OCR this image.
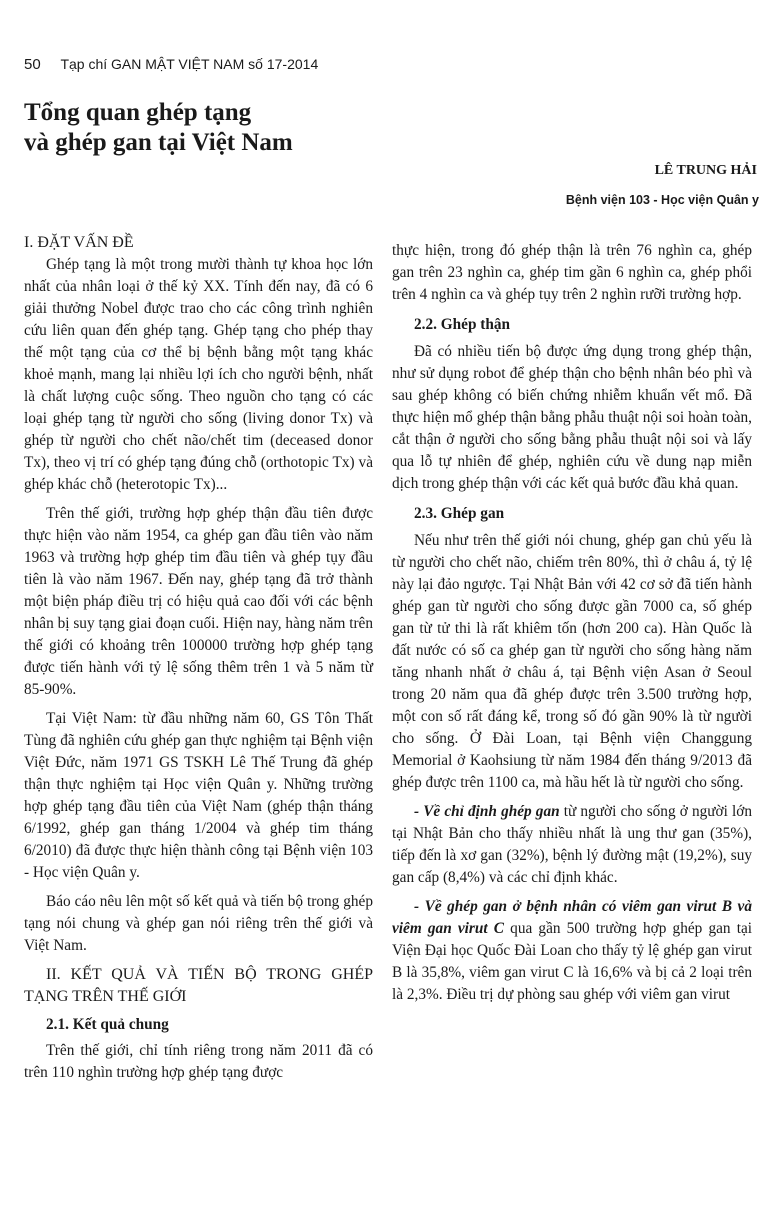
50 Tạp chí GAN MẬT VIỆT NAM số 17-2014
Tổng quan ghép tạng
và ghép gan tại Việt Nam
LÊ TRUNG HẢI
Bệnh viện 103 - Học viện Quân y

I. ĐẶT VẤN ĐỀ

Ghép tạng là một trong mười thành tự khoa học lớn nhất của nhân loại ở thế kỷ XX. Tính đến nay, đã có 6 giải thưởng Nobel được trao cho các công trình nghiên cứu liên quan đến ghép tạng. Ghép tạng cho phép thay thế một tạng của cơ thể bị bệnh bằng một tạng khác khoẻ mạnh, mang lại nhiều lợi ích cho người bệnh, nhất là chất lượng cuộc sống. Theo nguồn cho tạng có các loại ghép tạng từ người cho sống (living donor Tx) và ghép từ người cho chết não/chết tim (deceased donor Tx), theo vị trí có ghép tạng đúng chỗ (orthotopic Tx) và ghép khác chỗ (heterotopic Tx)...

Trên thế giới, trường hợp ghép thận đầu tiên được thực hiện vào năm 1954, ca ghép gan đầu tiên vào năm 1963 và trường hợp ghép tim đầu tiên và ghép tụy đầu tiên là vào năm 1967. Đến nay, ghép tạng đã trở thành một biện pháp điều trị có hiệu quả cao đối với các bệnh nhân bị suy tạng giai đoạn cuối. Hiện nay, hàng năm trên thế giới có khoảng trên 100000 trường hợp ghép tạng được tiến hành với tỷ lệ sống thêm trên 1 và 5 năm từ 85-90%.

Tại Việt Nam: từ đầu những năm 60, GS Tôn Thất Tùng đã nghiên cứu ghép gan thực nghiệm tại Bệnh viện Việt Đức, năm 1971 GS TSKH Lê Thế Trung đã ghép thận thực nghiệm tại Học viện Quân y. Những trường hợp ghép tạng đầu tiên của Việt Nam (ghép thận tháng 6/1992, ghép gan tháng 1/2004 và ghép tim tháng 6/2010) đã được thực hiện thành công tại Bệnh viện 103 - Học viện Quân y.

Báo cáo nêu lên một số kết quả và tiến bộ trong ghép tạng nói chung và ghép gan nói riêng trên thế giới và Việt Nam.

II. KẾT QUẢ VÀ TIẾN BỘ TRONG GHÉP TẠNG TRÊN THẾ GIỚI

2.1. Kết quả chung

Trên thế giới, chỉ tính riêng trong năm 2011 đã có trên 110 nghìn trường hợp ghép tạng được

thực hiện, trong đó ghép thận là trên 76 nghìn ca, ghép gan trên 23 nghìn ca, ghép tim gần 6 nghìn ca, ghép phổi trên 4 nghìn ca và ghép tụy trên 2 nghìn rưỡi trường hợp.

2.2. Ghép thận

Đã có nhiều tiến bộ được ứng dụng trong ghép thận, như sử dụng robot để ghép thận cho bệnh nhân béo phì và sau ghép không có biến chứng nhiễm khuẩn vết mổ. Đã thực hiện mổ ghép thận bằng phẫu thuật nội soi hoàn toàn, cắt thận ở người cho sống bằng phẫu thuật nội soi và lấy qua lỗ tự nhiên để ghép, nghiên cứu về dung nạp miễn dịch trong ghép thận với các kết quả bước đầu khả quan.

2.3. Ghép gan

Nếu như trên thế giới nói chung, ghép gan chủ yếu là từ người cho chết não, chiếm trên 80%, thì ở châu á, tỷ lệ này lại đảo ngược. Tại Nhật Bản với 42 cơ sở đã tiến hành ghép gan từ người cho sống được gần 7000 ca, số ghép gan từ tử thi là rất khiêm tốn (hơn 200 ca). Hàn Quốc là đất nước có số ca ghép gan từ người cho sống hàng năm tăng nhanh nhất ở châu á, tại Bệnh viện Asan ở Seoul trong 20 năm qua đã ghép được trên 3.500 trường hợp, một con số rất đáng kể, trong số đó gần 90% là từ người cho sống. Ở Đài Loan, tại Bệnh viện Changgung Memorial ở Kaohsiung từ năm 1984 đến tháng 9/2013 đã ghép được trên 1100 ca, mà hầu hết là từ người cho sống.

- Về chỉ định ghép gan từ người cho sống ở người lớn tại Nhật Bản cho thấy nhiều nhất là ung thư gan (35%), tiếp đến là xơ gan (32%), bệnh lý đường mật (19,2%), suy gan cấp (8,4%) và các chỉ định khác.

- Về ghép gan ở bệnh nhân có viêm gan virut B và viêm gan virut C qua gần 500 trường hợp ghép gan tại Viện Đại học Quốc Đài Loan cho thấy tỷ lệ ghép gan virut B là 35,8%, viêm gan virut C là 16,6% và bị cả 2 loại trên là 2,3%. Điều trị dự phòng sau ghép với viêm gan virut
